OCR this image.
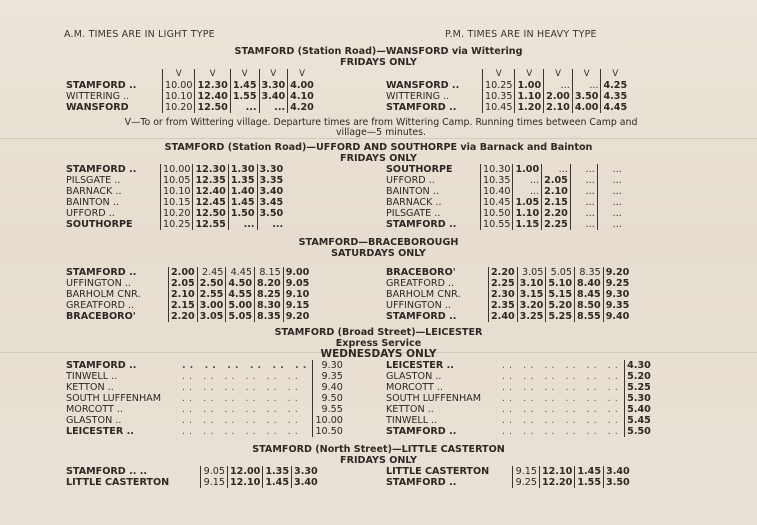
A.M. TIMES ARE IN LIGHT TYPE	P.M. TIMES ARE IN HEAVY TYPE
STAMFORD (Station Road)—WANSFORD via Wittering
FRIDAYS ONLY
	V	V	V	V	V
STAMFORD ..	10.00	12.30	1.45	3.30	4.00
WITTERING ..	10.10	12.40	1.55	3.40	4.10
WANSFORD	10.20	12.50	...	...	4.20
	V	V	V	V	V
WANSFORD ..	10.25	1.00	...	...	4.25
WITTERING ..	10.35	1.10	2.00	3.50	4.35
STAMFORD ..	10.45	1.20	2.10	4.00	4.45
V—To or from Wittering village. Departure times are from Wittering Camp. Running times between Camp and
village—5 minutes.
STAMFORD (Station Road)—UFFORD AND SOUTHORPE via Barnack and Bainton
FRIDAYS ONLY
STAMFORD ..	10.00	12.30	1.30	3.30
PILSGATE ..	10.05	12.35	1.35	3.35
BARNACK ..	10.10	12.40	1.40	3.40
BAINTON ..	10.15	12.45	1.45	3.45
UFFORD ..	10.20	12.50	1.50	3.50
SOUTHORPE	10.25	12.55	...	...
SOUTHORPE	10.30	1.00	...	...	...
UFFORD ..	10.35	...	2.05	...	...
BAINTON ..	10.40	...	2.10	...	...
BARNACK ..	10.45	1.05	2.15	...	...
PILSGATE ..	10.50	1.10	2.20	...	...
STAMFORD ..	10.55	1.15	2.25	...	...
STAMFORD—BRACEBOROUGH
SATURDAYS ONLY
STAMFORD ..	2.00	2.45	4.45	8.15	9.00
UFFINGTON ..	2.05	2.50	4.50	8.20	9.05
BARHOLM CNR.	2.10	2.55	4.55	8.25	9.10
GREATFORD ..	2.15	3.00	5.00	8.30	9.15
BRACEBORO'	2.20	3.05	5.05	8.35	9.20
BRACEBORO'	2.20	3.05	5.05	8.35	9.20
GREATFORD ..	2.25	3.10	5.10	8.40	9.25
BARHOLM CNR.	2.30	3.15	5.15	8.45	9.30
UFFINGTON ..	2.35	3.20	5.20	8.50	9.35
STAMFORD ..	2.40	3.25	5.25	8.55	9.40
STAMFORD (Broad Street)—LEICESTER
Express Service
WEDNESDAYS ONLY
STAMFORD ..	.. .. .. .. .. ..	9.30
TINWELL ..	.. .. .. .. .. ..	9.35
KETTON ..	.. .. .. .. .. ..	9.40
SOUTH LUFFENHAM	.. .. .. .. .. ..	9.50
MORCOTT ..	.. .. .. .. .. ..	9.55
GLASTON ..	.. .. .. .. .. ..	10.00
LEICESTER ..	.. .. .. .. .. ..	10.50
LEICESTER ..	.. .. .. .. .. ..	4.30
GLASTON ..	.. .. .. .. .. ..	5.20
MORCOTT ..	.. .. .. .. .. ..	5.25
SOUTH LUFFENHAM	.. .. .. .. .. ..	5.30
KETTON ..	.. .. .. .. .. ..	5.40
TINWELL ..	.. .. .. .. .. ..	5.45
STAMFORD ..	.. .. .. .. .. ..	5.50
STAMFORD (North Street)—LITTLE CASTERTON
FRIDAYS ONLY
STAMFORD .. ..	9.05	12.00	1.35	3.30
LITTLE CASTERTON	9.15	12.10	1.45	3.40
LITTLE CASTERTON	9.15	12.10	1.45	3.40
STAMFORD ..	9.25	12.20	1.55	3.50
